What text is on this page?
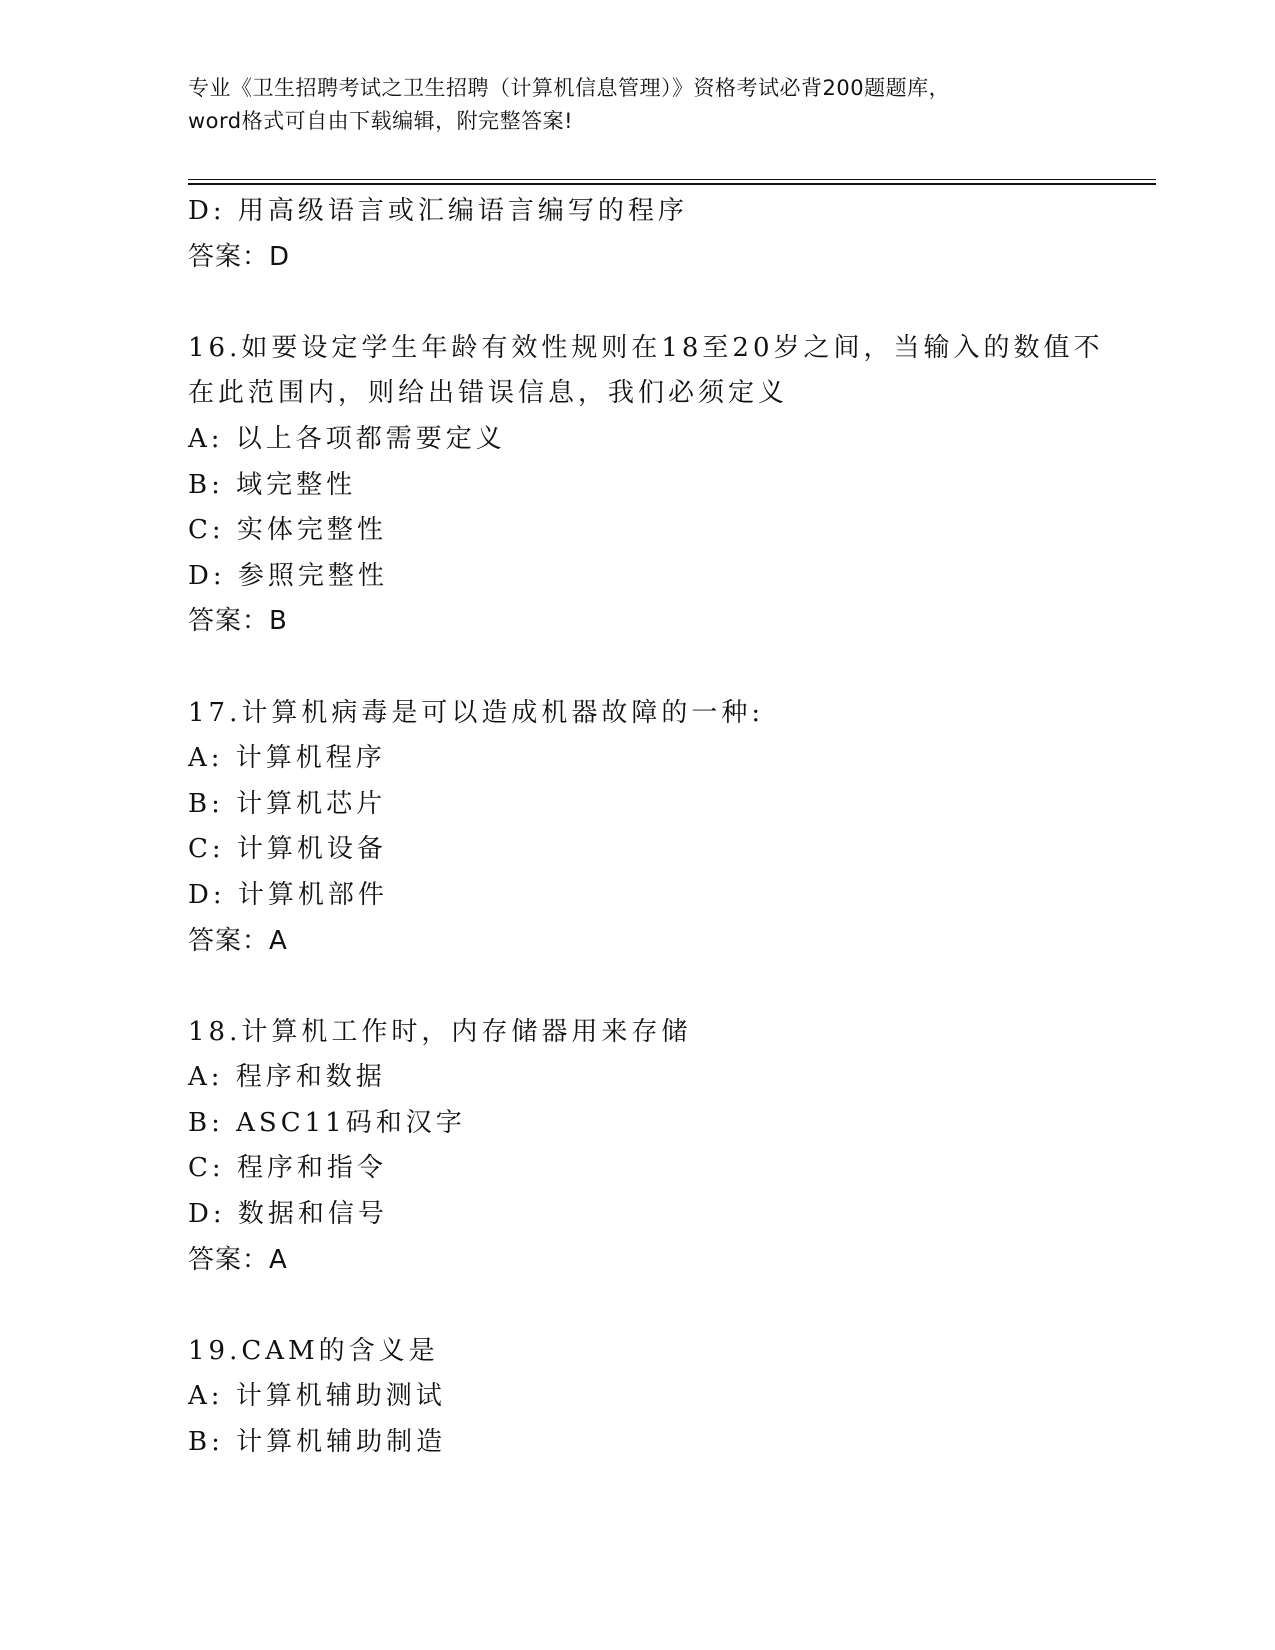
专业《卫生招聘考试之卫生招聘（计算机信息管理）》资格考试必背200题题库，
word格式可自由下载编辑，附完整答案!
D: 用高级语言或汇编语言编写的程序
答案：D
16.如要设定学生年龄有效性规则在18至20岁之间，当输入的数值不
在此范围内，则给出错误信息，我们必须定义
A: 以上各项都需要定义
B: 域完整性
C: 实体完整性
D: 参照完整性
答案：B
17.计算机病毒是可以造成机器故障的一种:
A: 计算机程序
B: 计算机芯片
C: 计算机设备
D: 计算机部件
答案：A
18.计算机工作时，内存储器用来存储
A: 程序和数据
B: ASC11码和汉字
C: 程序和指令
D: 数据和信号
答案：A
19.CAM的含义是
A: 计算机辅助测试
B: 计算机辅助制造
